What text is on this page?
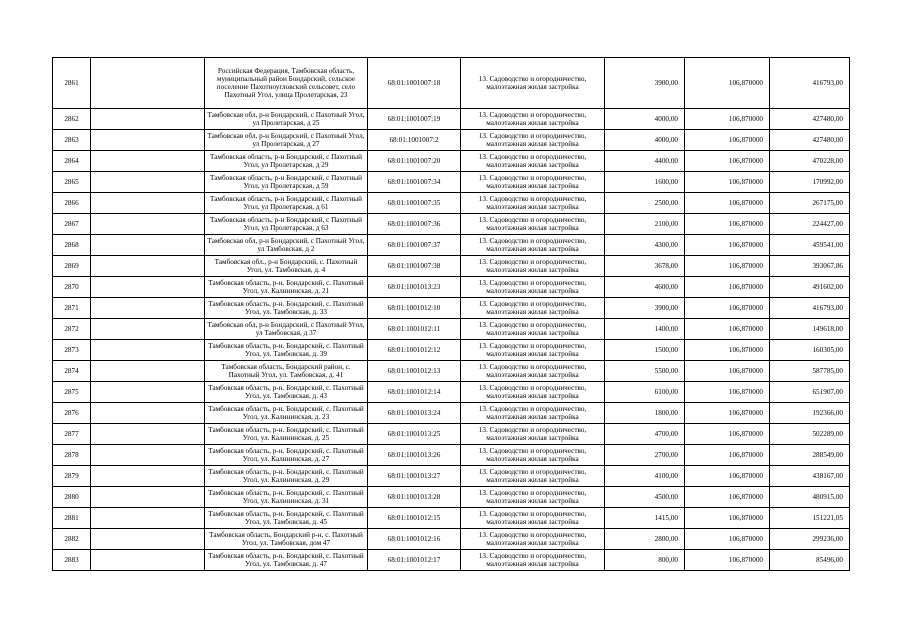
2861		Российская Федерация, Тамбовская область, муниципальный район Бондарский, сельское поселение Пахотноугловский сельсовет, село Пахотный Угол, улица Пролетарская, 23	68:01:1001007:18	13. Садоводство и огородничество, малоэтажная жилая застройка	3900,00	106,870000	416793,00
2862		Тамбовская обл, р-н Бондарский, с Пахотный Угол, ул Пролетарская, д 25	68:01:1001007:19	13. Садоводство и огородничество, малоэтажная жилая застройка	4000,00	106,870000	427480,00
2863		Тамбовская обл, р-н Бондарский, с Пахотный Угол, ул Пролетарская, д 27	68:01:1001007:2	13. Садоводство и огородничество, малоэтажная жилая застройка	4000,00	106,870000	427480,00
2864		Тамбовская область, р-н Бондарский, с Пахотный Угол, ул Пролетарская, д 29	68:01:1001007:20	13. Садоводство и огородничество, малоэтажная жилая застройка	4400,00	106,870000	470228,00
2865		Тамбовская область, р-н Бондарский, с Пахотный Угол, ул Пролетарская, д 59	68:01:1001007:34	13. Садоводство и огородничество, малоэтажная жилая застройка	1600,00	106,870000	170992,00
2866		Тамбовская область, р-н Бондарский, с Пахотный Угол, ул Пролетарская, д 61	68:01:1001007:35	13. Садоводство и огородничество, малоэтажная жилая застройка	2500,00	106,870000	267175,00
2867		Тамбовская область, р-н Бондарский, с Пахотный Угол, ул Пролетарская, д 63	68:01:1001007:36	13. Садоводство и огородничество, малоэтажная жилая застройка	2100,00	106,870000	224427,00
2868		Тамбовская обл, р-н Бондарский, с Пахотный Угол, ул Тамбовская, д 2	68:01:1001007:37	13. Садоводство и огородничество, малоэтажная жилая застройка	4300,00	106,870000	459541,00
2869		Тамбовская обл., р-н Бондарский, с. Пахотный Угол, ул. Тамбовская, д. 4	68:01:1001007:38	13. Садоводство и огородничество, малоэтажная жилая застройка	3678,00	106,870000	393067,86
2870		Тамбовская область, р-н. Бондарский, с. Пахотный Угол, ул. Калининская, д. 21	68:01:1001013:23	13. Садоводство и огородничество, малоэтажная жилая застройка	4600,00	106,870000	491602,00
2871		Тамбовская область, р-н. Бондарский, с. Пахотный Угол, ул. Тамбовская, д. 33	68:01:1001012:10	13. Садоводство и огородничество, малоэтажная жилая застройка	3900,00	106,870000	416793,00
2872		Тамбовская обл, р-н Бондарский, с Пахотный Угол, ул Тамбовская, д 37	68:01:1001012:11	13. Садоводство и огородничество, малоэтажная жилая застройка	1400,00	106,870000	149618,00
2873		Тамбовская область, р-н. Бондарский, с. Пахотный Угол, ул. Тамбовская, д. 39	68:01:1001012:12	13. Садоводство и огородничество, малоэтажная жилая застройка	1500,00	106,870000	160305,00
2874		Тамбовская область, Бондарский район, с. Пахотный Угол, ул. Тамбовская, д. 41	68:01:1001012:13	13. Садоводство и огородничество, малоэтажная жилая застройка	5500,00	106,870000	587785,00
2875		Тамбовская область, р-н. Бондарский, с. Пахотный Угол, ул. Тамбовская, д. 43	68:01:1001012:14	13. Садоводство и огородничество, малоэтажная жилая застройка	6100,00	106,870000	651907,00
2876		Тамбовская область, р-н. Бондарский, с. Пахотный Угол, ул. Калининская, д. 23	68:01:1001013:24	13. Садоводство и огородничество, малоэтажная жилая застройка	1800,00	106,870000	192366,00
2877		Тамбовская область, р-н. Бондарский, с. Пахотный Угол, ул. Калининская, д. 25	68:01:1001013:25	13. Садоводство и огородничество, малоэтажная жилая застройка	4700,00	106,870000	502289,00
2878		Тамбовская область, р-н. Бондарский, с. Пахотный Угол, ул. Калининская, д. 27	68:01:1001013:26	13. Садоводство и огородничество, малоэтажная жилая застройка	2700,00	106,870000	288549,00
2879		Тамбовская область, р-н. Бондарский, с. Пахотный Угол, ул. Калининская, д. 29	68:01:1001013:27	13. Садоводство и огородничество, малоэтажная жилая застройка	4100,00	106,870000	438167,00
2880		Тамбовская область, р-н. Бондарский, с. Пахотный Угол, ул. Калининская, д. 31	68:01:1001013:28	13. Садоводство и огородничество, малоэтажная жилая застройка	4500,00	106,870000	480915,00
2881		Тамбовская область, р-н. Бондарский, с. Пахотный Угол, ул. Тамбовская, д. 45	68:01:1001012:15	13. Садоводство и огородничество, малоэтажная жилая застройка	1415,00	106,870000	151221,05
2882		Тамбовская область, Бондарский р-н, с. Пахотный Угол, ул. Тамбовская, дом 47	68:01:1001012:16	13. Садоводство и огородничество, малоэтажная жилая застройка	2800,00	106,870000	299236,00
2883		Тамбовская область, р-н. Бондарский, с. Пахотный Угол, ул. Тамбовская, д. 47	68:01:1001012:17	13. Садоводство и огородничество, малоэтажная жилая застройка	800,00	106,870000	85496,00
